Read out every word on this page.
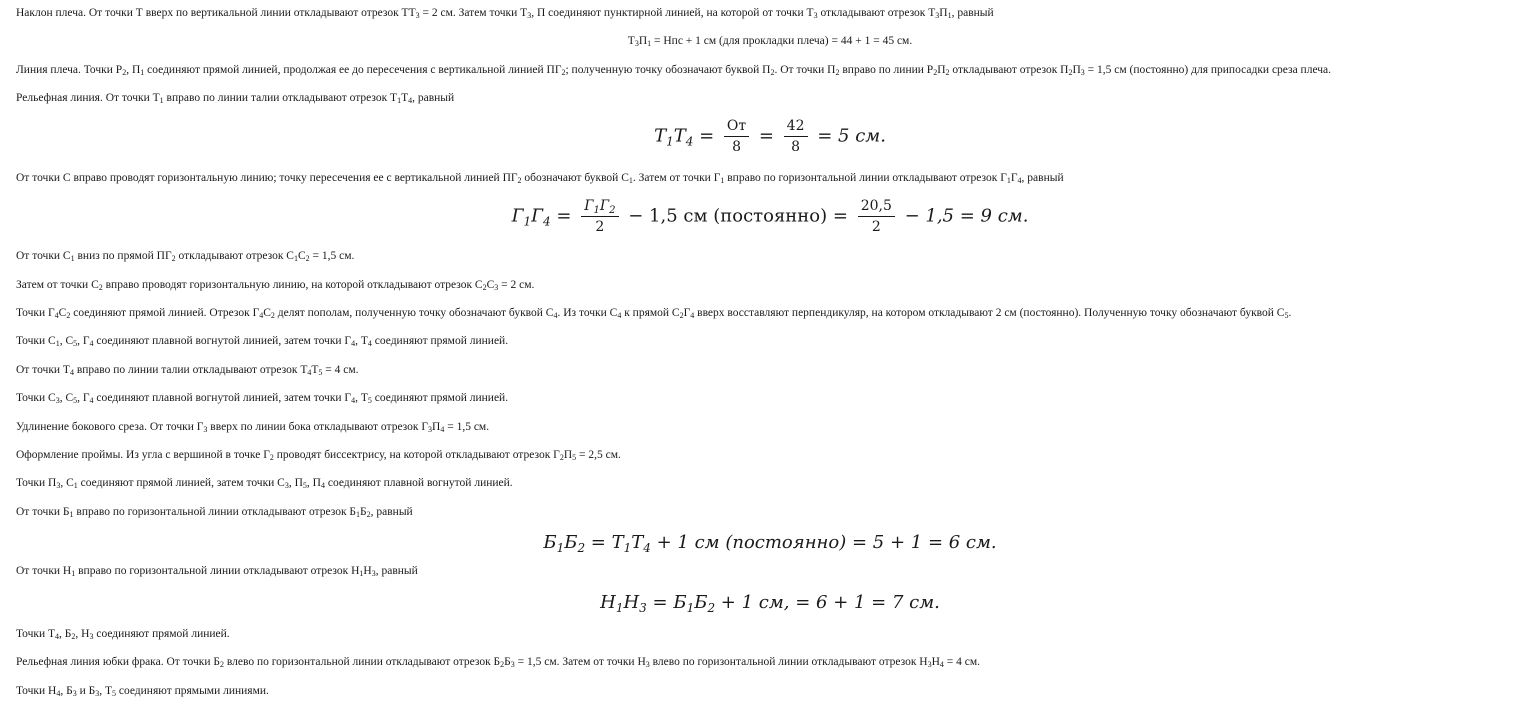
Наклон плеча. От точки Т вверх по вертикальной линии откладывают отрезок $ТТ_3 = 2$ см. Затем точки $Т_3$, П соединяют пунктирной линией, на которой от точки $Т_3$ откладывают отрезок $Т_3П_1$, равный
$Т_3П_1$ = Нпс + 1 см (для прокладки плеча) = 44 + 1 = 45 см.
Линия плеча. Точки $Р_2$, $П_1$ соединяют прямой линией, продолжая ее до пересечения с вертикальной линией $ПГ_2$; полученную точку обозначают буквой $П_2$. От точки $П_2$ вправо по линии $Р_2П_2$ откладывают отрезок $П_2П_3 = 1,5$ см (постоянно) для припосадки среза плеча.
Рельефная линия. От точки $Т_1$ вправо по линии талии откладывают отрезок $Т_1Т_4$, равный
$T_1T_4 = \frac{От}{8} = \frac{42}{8} = 5$ см.
От точки С вправо проводят горизонтальную линию; точку пересечения ее с вертикальной линией $ПГ_2$ обозначают буквой $С_1$. Затем от точки $Г_1$ вправо по горизонтальной линии откладывают отрезок $Г_1Г_4$, равный
$Г_1Г_4 = \frac{Г_1Г_2}{2} - 1,5$ см (постоянно) = $\frac{20,5}{2} - 1,5 = 9$ см.
От точки $С_1$ вниз по прямой $ПГ_2$ откладывают отрезок $С_1С_2 = 1,5$ см.
Затем от точки $С_2$ вправо проводят горизонтальную линию, на которой откладывают отрезок $С_2С_3 = 2$ см.
Точки $Г_4С_2$ соединяют прямой линией. Отрезок $Г_4С_2$ делят пополам, полученную точку обозначают буквой $С_4$. Из точки $С_4$ к прямой $С_2Г_4$ вверх восставляют перпендикуляр, на котором откладывают 2 см (постоянно). Полученную точку обозначают буквой $С_5$.
Точки $С_1$, $С_5$, $Г_4$ соединяют плавной вогнутой линией, затем точки $Г_4$, $Т_4$ соединяют прямой линией.
От точки $Т_4$ вправо по линии талии откладывают отрезок $Т_4Т_5 = 4$ см.
Точки $С_3$, $С_5$, $Г_4$ соединяют плавной вогнутой линией, затем точки $Г_4$, $Т_5$ соединяют прямой линией.
Удлинение бокового среза. От точки $Г_3$ вверх по линии бока откладывают отрезок $Г_3П_4 = 1,5$ см.
Оформление проймы. Из угла с вершиной в точке $Г_2$ проводят биссектрису, на которой откладывают отрезок $Г_2П_5 = 2,5$ см.
Точки $П_3$, $С_1$ соединяют прямой линией, затем точки $С_3$, $П_5$, $П_4$ соединяют плавной вогнутой линией.
От точки $Б_1$ вправо по горизонтальной линии откладывают отрезок $Б_1Б_2$, равный
$Б_1Б_2 = T_1T_4 + 1$ см (постоянно) = 5 + 1 = 6 см.
От точки $Н_1$ вправо по горизонтальной линии откладывают отрезок $Н_1Н_3$, равный
$Н_1Н_3 = Б_1Б_2 + 1$ см, = 6 + 1 = 7 см.
Точки $Т_4$, $Б_2$, $Н_3$ соединяют прямой линией.
Рельефная линия юбки фрака. От точки $Б_2$ влево по горизонтальной линии откладывают отрезок $Б_2Б_3 = 1,5$ см. Затем от точки $Н_3$ влево по горизонтальной линии откладывают отрезок $Н_3Н_4 = 4$ см.
Точки $Н_4$, $Б_3$ и $Б_3$, $Т_5$ соединяют прямыми линиями.
